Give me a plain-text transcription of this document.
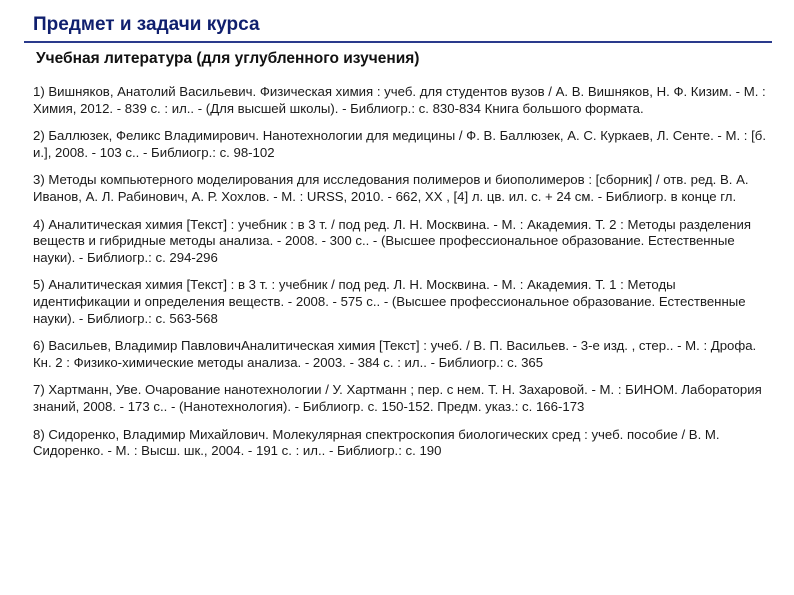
Предмет и задачи курса
Учебная литература (для углубленного изучения)
1) Вишняков, Анатолий Васильевич. Физическая химия : учеб. для студентов вузов / А. В. Вишняков, Н. Ф. Кизим. - М. : Химия, 2012. - 839 с. : ил.. - (Для высшей школы). - Библиогр.: с. 830-834 Книга большого формата.
2) Баллюзек, Феликс Владимирович. Нанотехнологии для медицины / Ф. В. Баллюзек, А. С. Куркаев, Л. Сенте. - М. : [б. и.], 2008. - 103 с.. - Библиогр.: с. 98-102
3) Методы компьютерного моделирования для исследования полимеров и биополимеров : [сборник] / отв. ред. В. А. Иванов, А. Л. Рабинович, А. Р. Хохлов. - М. : URSS, 2010. - 662, XX , [4] л. цв. ил. с. + 24 см. - Библиогр. в конце гл.
4) Аналитическая химия [Текст] : учебник : в 3 т. / под ред. Л. Н. Москвина. - М. : Академия. Т. 2 : Методы разделения веществ и гибридные методы анализа. - 2008. - 300 с.. - (Высшее профессиональное образование. Естественные науки). - Библиогр.: с. 294-296
5) Аналитическая химия [Текст] : в 3 т. : учебник / под ред. Л. Н. Москвина. - М. : Академия. Т. 1 : Методы идентификации и определения веществ. - 2008. - 575 с.. - (Высшее профессиональное образование. Естественные науки). - Библиогр.: с. 563-568
6) Васильев, Владимир ПавловичАналитическая химия [Текст] : учеб. / В. П. Васильев. - 3-е изд. , стер.. - М. : Дрофа. Кн. 2 : Физико-химические методы анализа. - 2003. - 384 с. : ил.. - Библиогр.: с. 365
7) Хартманн, Уве. Очарование нанотехнологии / У. Хартманн ; пер. с нем. Т. Н. Захаровой. - М. : БИНОМ. Лаборатория знаний, 2008. - 173 с.. - (Нанотехнология). - Библиогр. с. 150-152. Предм. указ.: с. 166-173
8) Сидоренко, Владимир Михайлович. Молекулярная спектроскопия биологических сред : учеб. пособие / В. М. Сидоренко. - М. : Высш. шк., 2004. - 191 с. : ил.. - Библиогр.: с. 190
